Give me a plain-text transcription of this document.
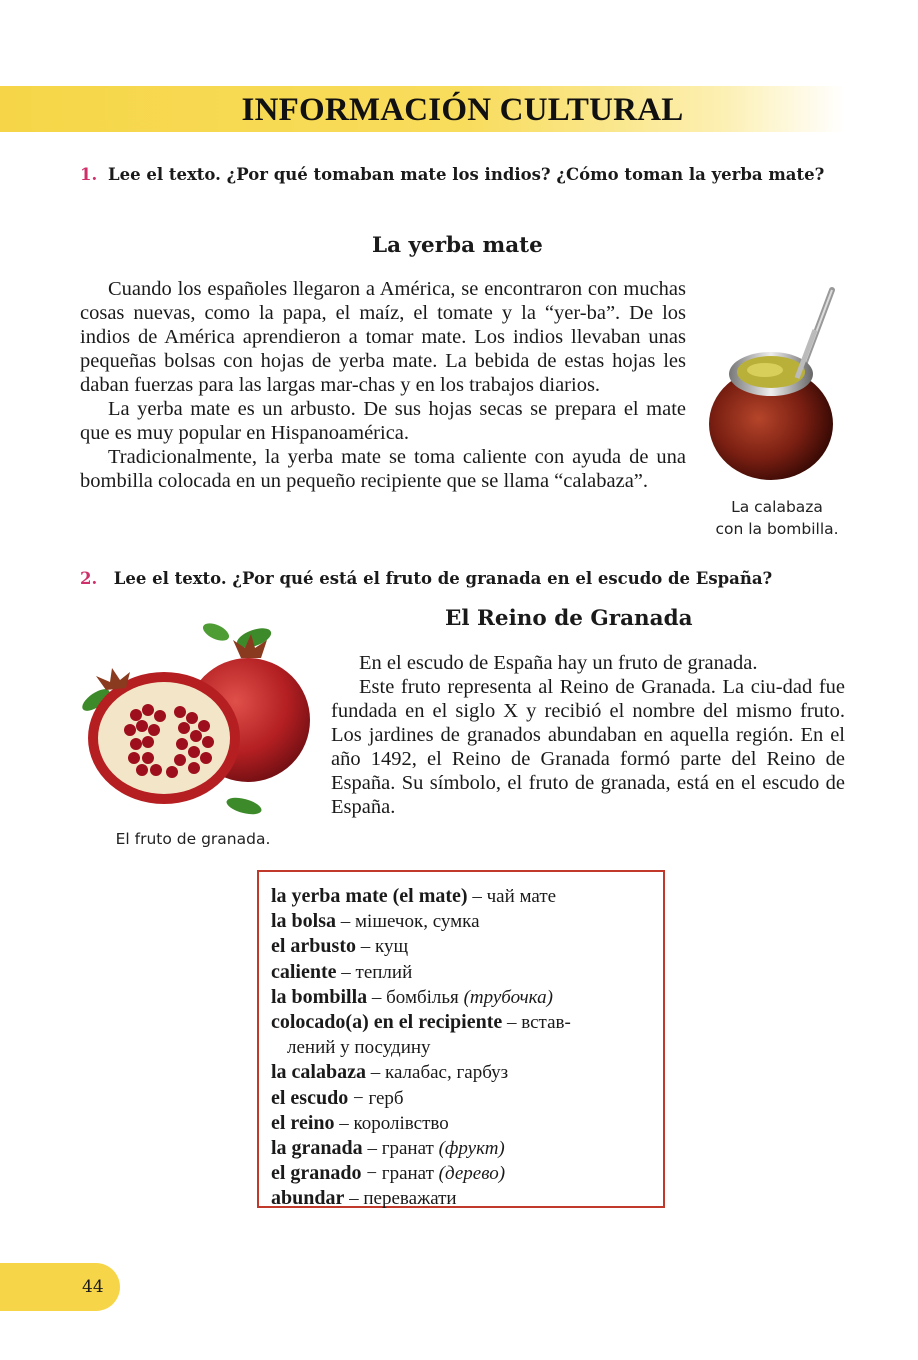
INFORMACIÓN CULTURAL
1. Lee el texto. ¿Por qué tomaban mate los indios? ¿Cómo toman la yerba mate?
La yerba mate

Cuando los españoles llegaron a América, se encontraron con muchas cosas nuevas, como la papa, el maíz, el tomate y la “yer-ba”. De los indios de América aprendieron a tomar mate. Los indios llevaban unas pequeñas bolsas con hojas de yerba mate. La bebida de estas hojas les daban fuerzas para las largas mar-chas y en los trabajos diarios.

La yerba mate es un arbusto. De sus hojas secas se prepara el mate que es muy popular en Hispanoamérica.

Tradicionalmente, la yerba mate se toma caliente con ayuda de una bombilla colocada en un pequeño recipiente que se llama “calabaza”.

La calabaza
con la bombilla.
2. Lee el texto. ¿Por qué está el fruto de granada en el escudo de España?
El Reino de Granada

En el escudo de España hay un fruto de granada.

Este fruto representa al Reino de Granada. La ciu-dad fue fundada en el siglo X y recibió el nombre del mismo fruto. Los jardines de granados abundaban en aquella región. En el año 1492, el Reino de Granada formó parte del Reino de España. Su símbolo, el fruto de granada, está en el escudo de España.

El fruto de granada.
la yerba mate (el mate) – чай мате
la bolsa – мішечок, сумка
el arbusto – кущ
caliente – теплий
la bombilla – бомбілья (трубочка)
colocado(a) en el recipiente – встав-
лений у посудину
la calabaza – калабас, гарбуз
el escudo − герб
el reino – королівство
la granada – гранат (фрукт)
el granado − гранат (дерево)
abundar – переважати
44
